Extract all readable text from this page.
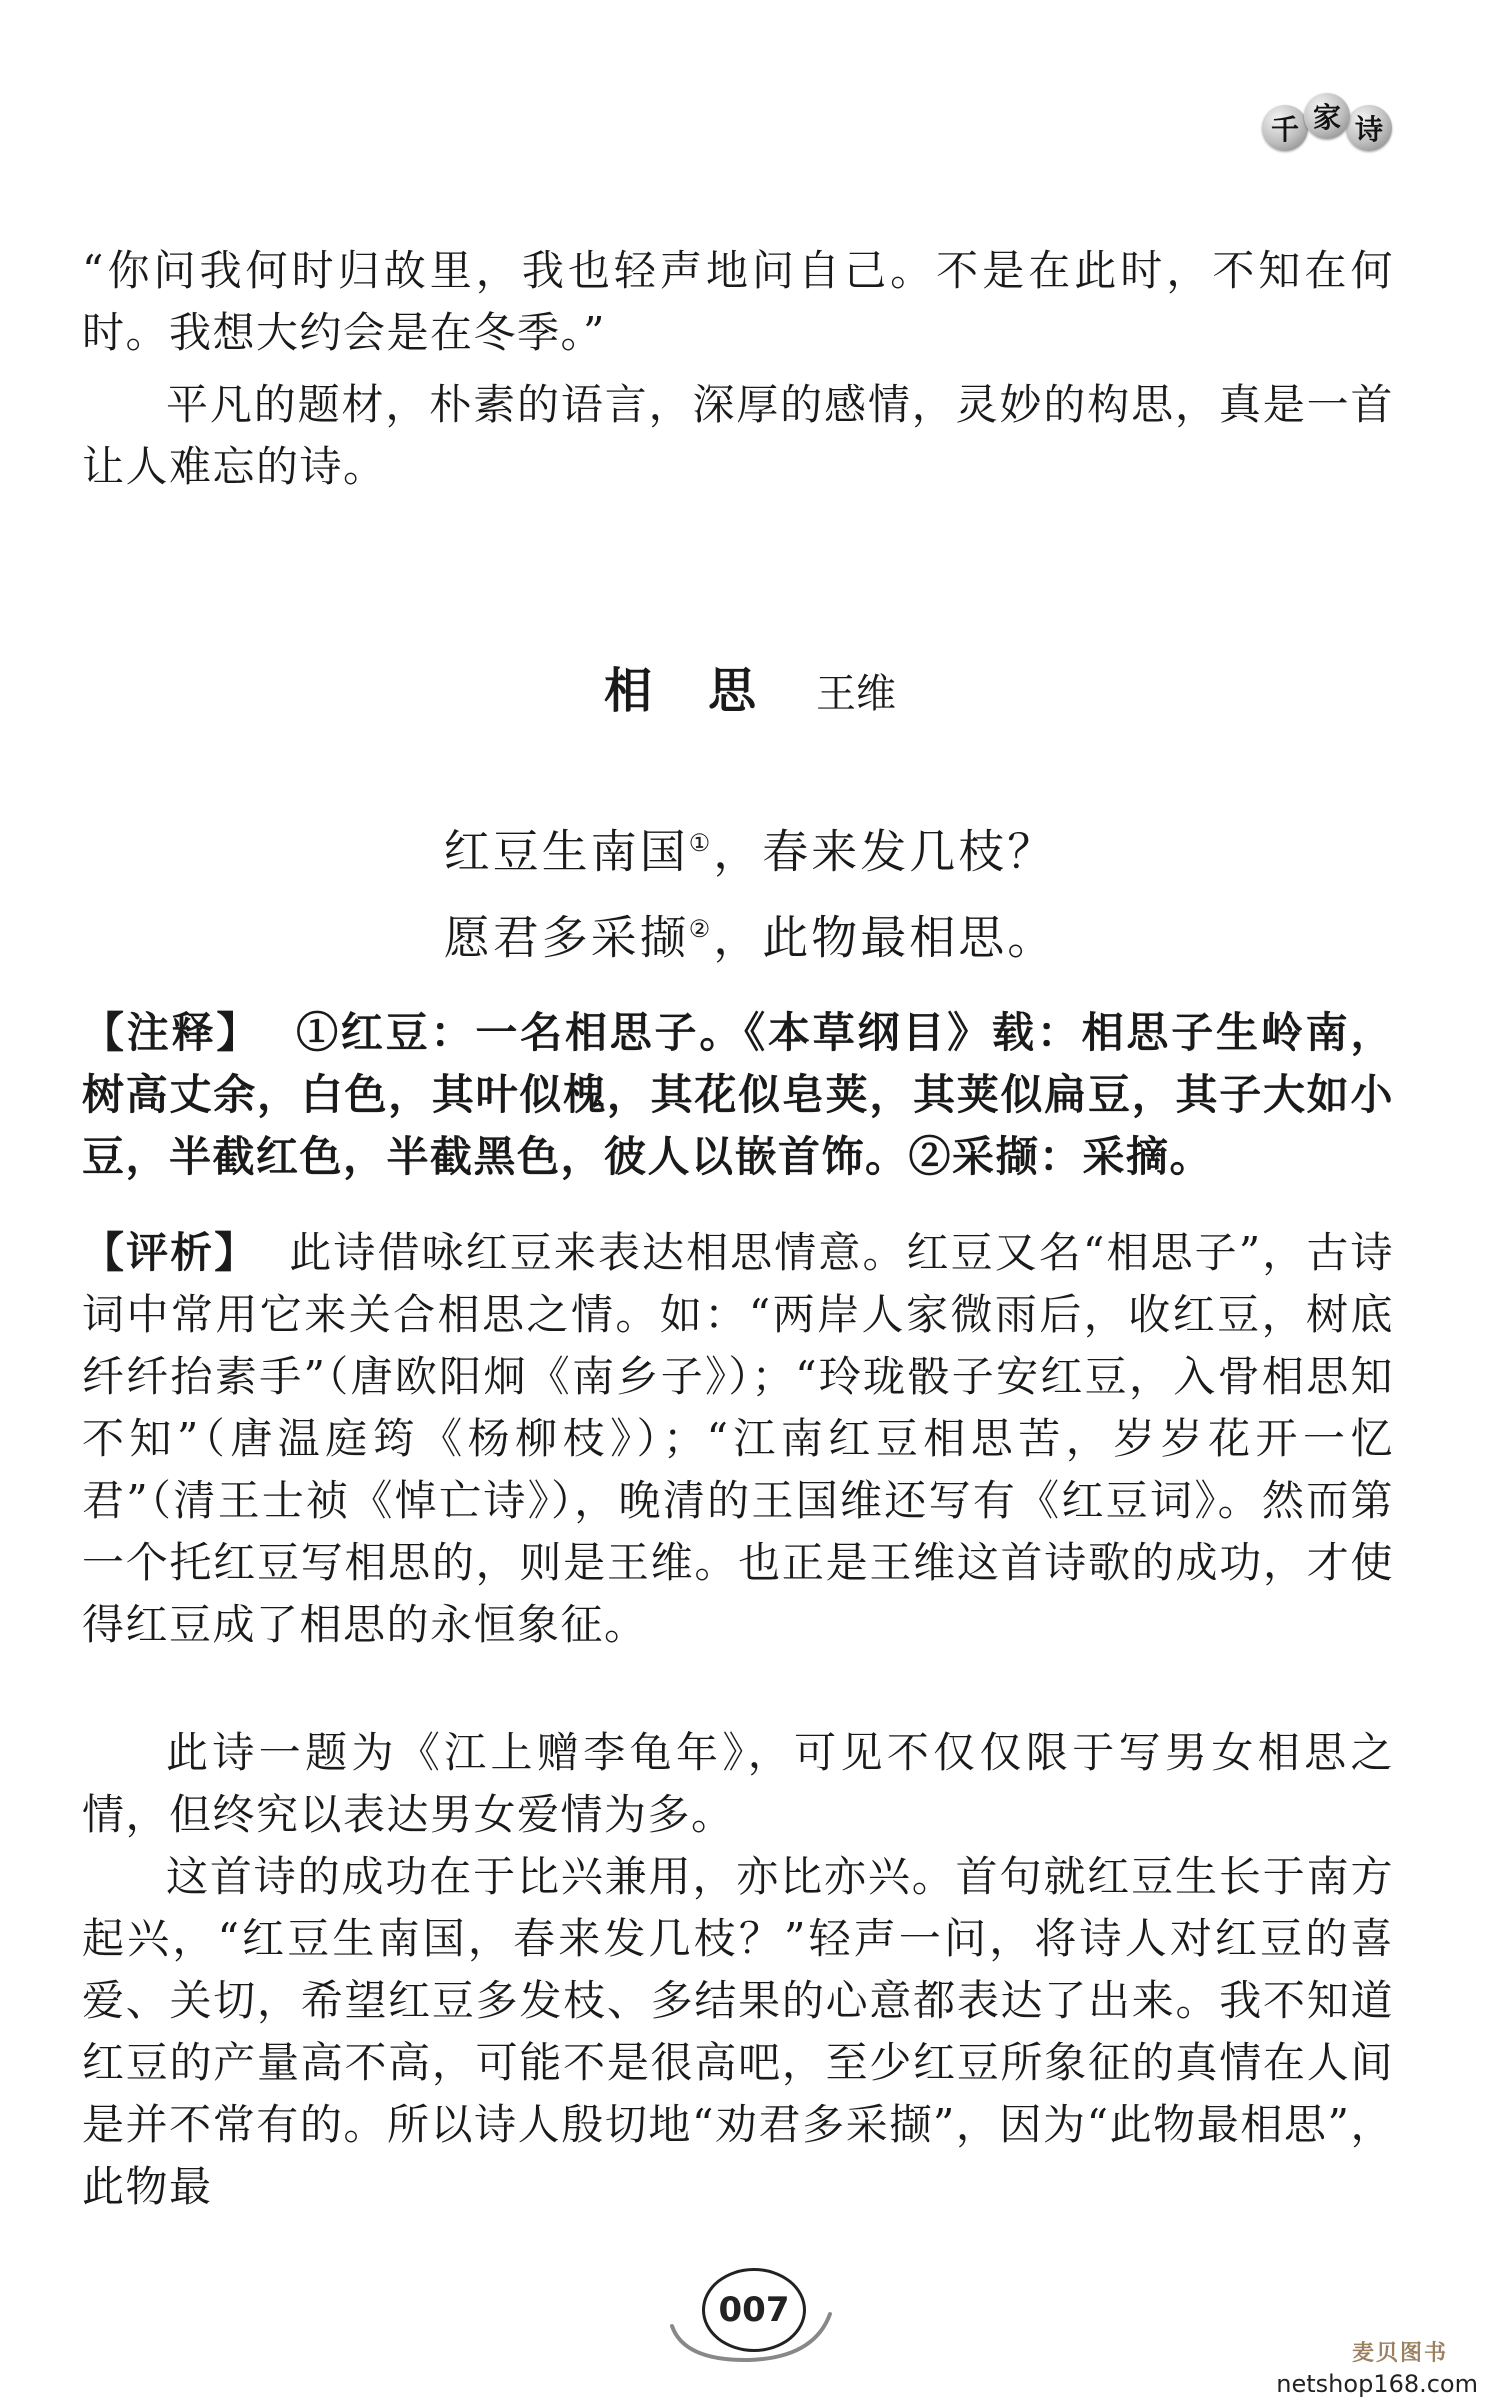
千 家 诗

“你问我何时归故里，我也轻声地问自己。不是在此时，不知在何时。我想大约会是在冬季。”

平凡的题材，朴素的语言，深厚的感情，灵妙的构思，真是一首让人难忘的诗。

相思 王维
红豆生南国①，春来发几枝？
愿君多采撷②，此物最相思。

【注释】 ①红豆：一名相思子。《本草纲目》载：相思子生岭南，树高丈余，白色，其叶似槐，其花似皂荚，其荚似扁豆，其子大如小豆，半截红色，半截黑色，彼人以嵌首饰。②采撷：采摘。

【评析】 此诗借咏红豆来表达相思情意。红豆又名“相思子”，古诗词中常用它来关合相思之情。如：“两岸人家微雨后，收红豆，树底纤纤抬素手”（唐欧阳炯《南乡子》）；“玲珑骰子安红豆，入骨相思知不知”（唐温庭筠《杨柳枝》）；“江南红豆相思苦，岁岁花开一忆君”（清王士祯《悼亡诗》），晚清的王国维还写有《红豆词》。然而第一个托红豆写相思的，则是王维。也正是王维这首诗歌的成功，才使得红豆成了相思的永恒象征。

此诗一题为《江上赠李龟年》，可见不仅仅限于写男女相思之情，但终究以表达男女爱情为多。

这首诗的成功在于比兴兼用，亦比亦兴。首句就红豆生长于南方起兴，“红豆生南国，春来发几枝？”轻声一问，将诗人对红豆的喜爱、关切，希望红豆多发枝、多结果的心意都表达了出来。我不知道红豆的产量高不高，可能不是很高吧，至少红豆所象征的真情在人间是并不常有的。所以诗人殷切地“劝君多采撷”，因为“此物最相思”，此物最

007
麦贝图书
netshop168.com
